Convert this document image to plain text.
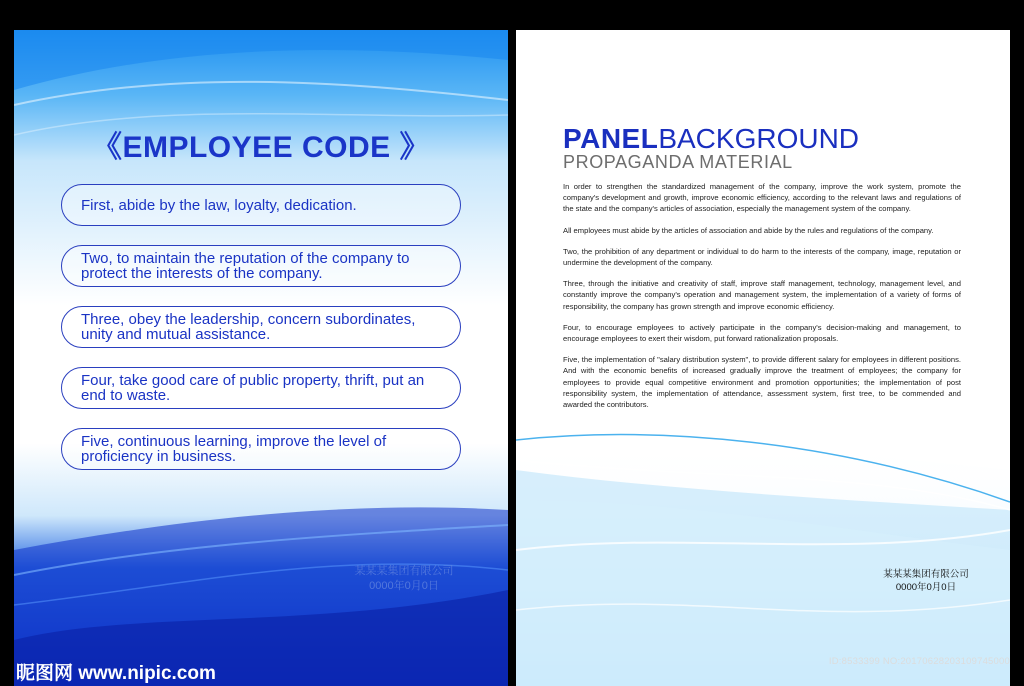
《EMPLOYEE CODE 》
First, abide by the law, loyalty, dedication.
Two, to maintain the reputation of the company to protect the interests of the company.
Three, obey the leadership, concern subordinates, unity and mutual assistance.
Four, take good care of public property, thrift, put an end to waste.
Five, continuous learning, improve the level of proficiency in business.
某某某集团有限公司
0000年0月0日
PANELBACKGROUND
PROPAGANDA MATERIAL

In order to strengthen the standardized management of the company, improve the work system, promote the company's development and growth, improve economic efficiency, according to the relevant laws and regulations of the state and the company's articles of association, especially the management system of the company.

All employees must abide by the articles of association and abide by the rules and regulations of the company.

Two, the prohibition of any department or individual to do harm to the interests of the company, image, reputation or undermine the development of the company.

Three, through the initiative and creativity of staff, improve staff management, technology, management level, and constantly improve the company's operation and management system, the implementation of a variety of forms of responsibility, the company has grown strength and improve economic efficiency.

Four, to encourage employees to actively participate in the company's decision-making and management, to encourage employees to exert their wisdom, put forward rationalization proposals.

Five, the implementation of "salary distribution system", to provide different salary for employees in different positions. And with the economic benefits of increased gradually improve the treatment of employees; the company for employees to provide equal competitive environment and promotion opportunities; the implementation of post responsibility system, the implementation of attendance, assessment system, first tree, to be commended and awarded the contributors.

某某某集团有限公司
0000年0月0日
昵图网 www.nipic.com
ID:8533399 NO:20170628203109745000
